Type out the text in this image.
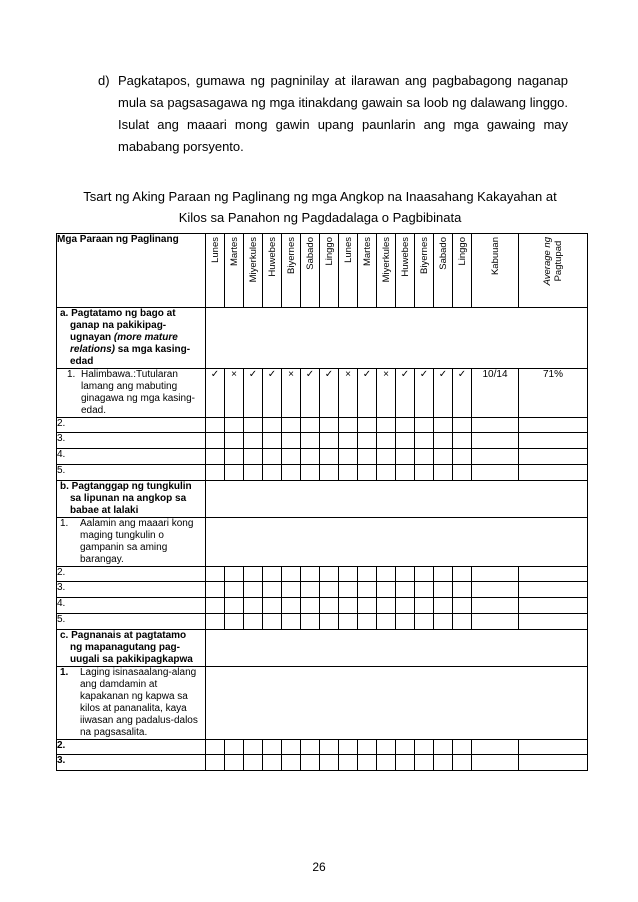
d) Pagkatapos, gumawa ng pagninilay at ilarawan ang pagbabagong naganap mula sa pagsasagawa ng mga itinakdang gawain sa loob ng dalawang linggo. Isulat ang maaari mong gawin upang paunlarin ang mga gawaing may mababang porsyento.

Tsart ng Aking Paraan ng Paglinang ng mga Angkop na Inaasahang Kakayahan at

Kilos sa Panahon ng Pagdadalaga o Pagbibinata

Mga Paraan ng Paglinang	Lunes	Martes	Miyerkules	Huwebes	Biyernes	Sabado	Linggo	Lunes	Martes	Miyerkules	Huwebes	Biyernes	Sabado	Linggo	Kabuuan	Average ng Pagtupad

a. Pagtatamo ng bago at
ganap na pakikipag-
ugnayan (more mature
relations) sa mga kasing-
edad																

1. Halimbawa.:Tutularan lamang ang mabuting ginagawa ng mga kasing-edad.	✓	×	✓	✓	×	✓	✓	×	✓	×	✓	✓	✓	✓	10/14	71%
2.																
3.																
4.																
5.																

b. Pagtanggap ng tungkulin
sa lipunan na angkop sa
babae at lalaki																

1. Aalamin ang maaari kong maging tungkulin o gampanin sa aming barangay.																

2.																
3.																
4.																
5.																

c. Pagnanais at pagtatamo
ng mapanagutang pag-
uugali sa pakikipagkapwa																

1. Laging isinasaalang-alang ang damdamin at kapakanan ng kapwa sa kilos at pananalita, kaya iiwasan ang padalus-dalos na pagsasalita.																

2.																
3.																
26
